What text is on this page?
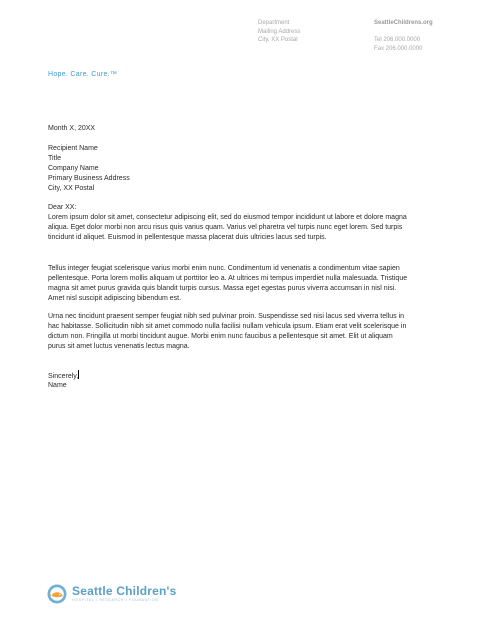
Department
Mailing Address
City, XX Postal
SeattleChildrens.org
Tel 206.000.0000
Fax 206.000.0000
Hope. Care. Cure.™
Month X, 20XX
Recipient Name
Title
Company Name
Primary Business Address
City, XX Postal
Dear XX:
Lorem ipsum dolor sit amet, consectetur adipiscing elit, sed do eiusmod tempor incididunt ut labore et dolore magna aliqua. Eget dolor morbi non arcu risus quis varius quam. Varius vel pharetra vel turpis nunc eget lorem. Sed turpis tincidunt id aliquet. Euismod in pellentesque massa placerat duis ultricies lacus sed turpis.
Tellus integer feugiat scelerisque varius morbi enim nunc. Condimentum id venenatis a condimentum vitae sapien pellentesque. Porta lorem mollis aliquam ut porttitor leo a. At ultrices mi tempus imperdiet nulla malesuada. Tristique magna sit amet purus gravida quis blandit turpis cursus. Massa eget egestas purus viverra accumsan in nisl nisi. Amet nisl suscipit adipiscing bibendum est.
Urna nec tincidunt praesent semper feugiat nibh sed pulvinar proin. Suspendisse sed nisi lacus sed viverra tellus in hac habitasse. Sollicitudin nibh sit amet commodo nulla facilisi nullam vehicula ipsum. Etiam erat velit scelerisque in dictum non. Fringilla ut morbi tincidunt augue. Morbi enim nunc faucibus a pellentesque sit amet. Elit ut aliquam purus sit amet luctus venenatis lectus magna.
Sincerely,
Name
Seattle Children's
HOSPITAL • RESEARCH • FOUNDATION
